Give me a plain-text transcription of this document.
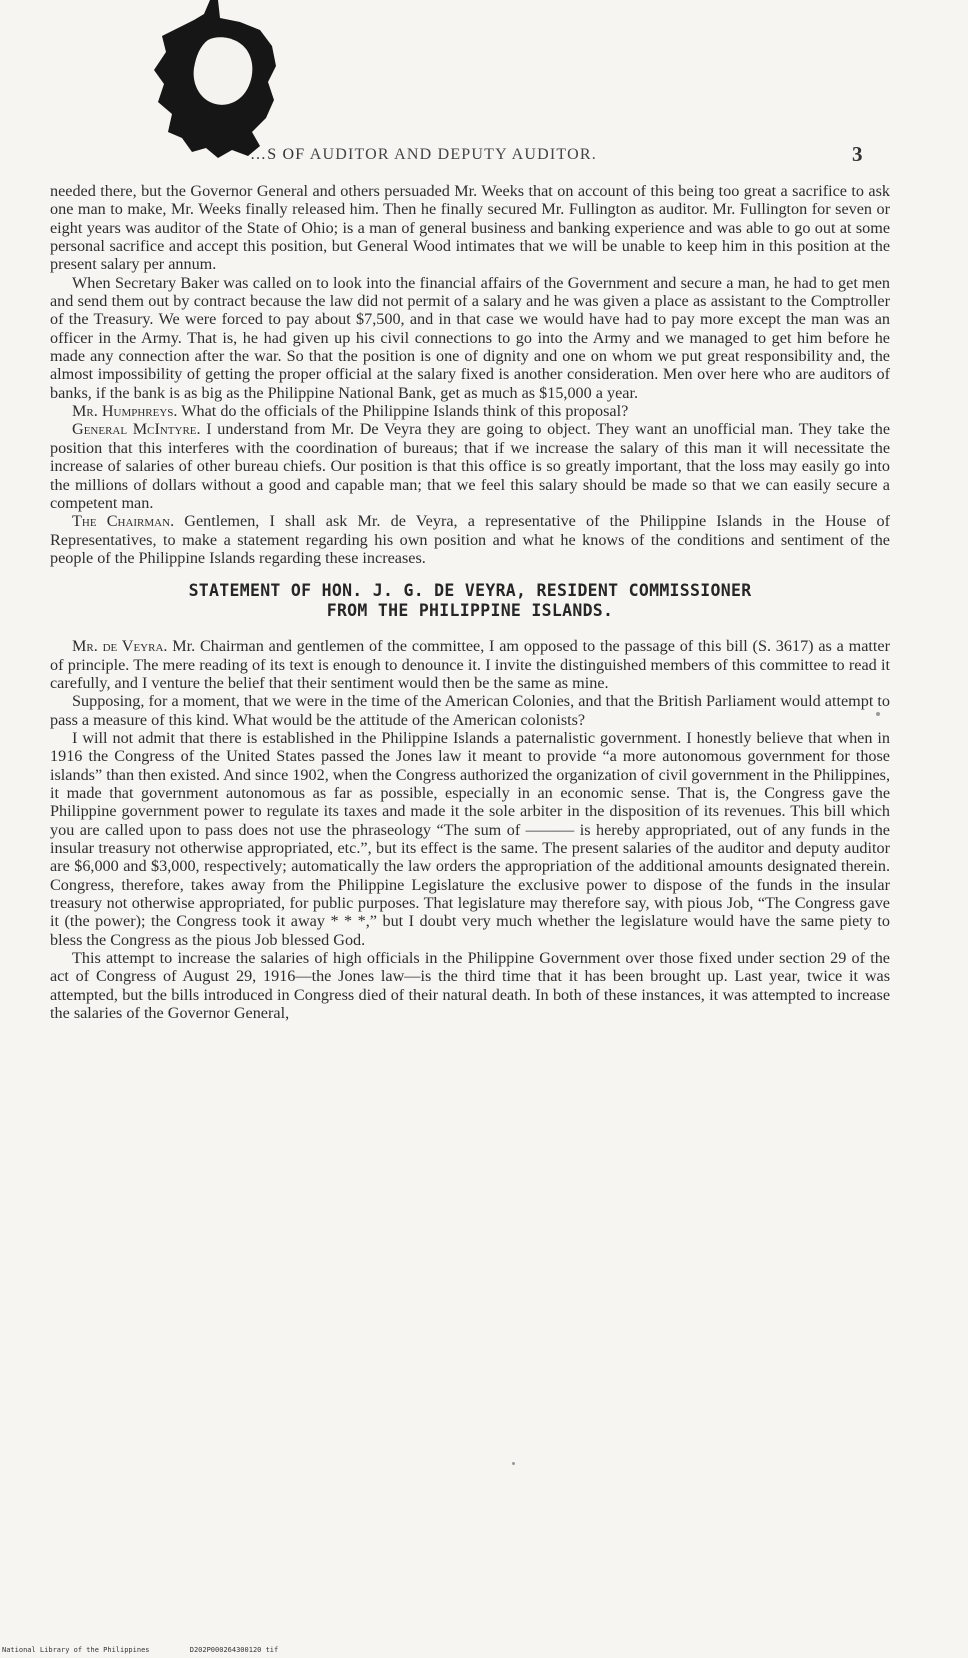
…S OF AUDITOR AND DEPUTY AUDITOR.	3

needed there, but the Governor General and others persuaded Mr. Weeks that on account of this being too great a sacrifice to ask one man to make, Mr. Weeks finally released him. Then he finally secured Mr. Fullington as auditor. Mr. Fullington for seven or eight years was auditor of the State of Ohio; is a man of general business and banking experience and was able to go out at some personal sacrifice and accept this position, but General Wood intimates that we will be unable to keep him in this position at the present salary per annum.

When Secretary Baker was called on to look into the financial affairs of the Government and secure a man, he had to get men and send them out by contract because the law did not permit of a salary and he was given a place as assistant to the Comptroller of the Treasury. We were forced to pay about $7,500, and in that case we would have had to pay more except the man was an officer in the Army. That is, he had given up his civil connections to go into the Army and we managed to get him before he made any connection after the war. So that the position is one of dignity and one on whom we put great responsibility and, the almost impossibility of getting the proper official at the salary fixed is another consideration. Men over here who are auditors of banks, if the bank is as big as the Philippine National Bank, get as much as $15,000 a year.

Mr. Humphreys. What do the officials of the Philippine Islands think of this proposal?

General McIntyre. I understand from Mr. De Veyra they are going to object. They want an unofficial man. They take the position that this interferes with the coordination of bureaus; that if we increase the salary of this man it will necessitate the increase of salaries of other bureau chiefs. Our position is that this office is so greatly important, that the loss may easily go into the millions of dollars without a good and capable man; that we feel this salary should be made so that we can easily secure a competent man.

The Chairman. Gentlemen, I shall ask Mr. de Veyra, a representative of the Philippine Islands in the House of Representatives, to make a statement regarding his own position and what he knows of the conditions and sentiment of the people of the Philippine Islands regarding these increases.

STATEMENT OF HON. J. G. DE VEYRA, RESIDENT COMMISSIONER
FROM THE PHILIPPINE ISLANDS.

Mr. de Veyra. Mr. Chairman and gentlemen of the committee, I am opposed to the passage of this bill (S. 3617) as a matter of principle. The mere reading of its text is enough to denounce it. I invite the distinguished members of this committee to read it carefully, and I venture the belief that their sentiment would then be the same as mine.

Supposing, for a moment, that we were in the time of the American Colonies, and that the British Parliament would attempt to pass a measure of this kind. What would be the attitude of the American colonists?

I will not admit that there is established in the Philippine Islands a paternalistic government. I honestly believe that when in 1916 the Congress of the United States passed the Jones law it meant to provide “a more autonomous government for those islands” than then existed. And since 1902, when the Congress authorized the organization of civil government in the Philippines, it made that government autonomous as far as possible, especially in an economic sense. That is, the Congress gave the Philippine government power to regulate its taxes and made it the sole arbiter in the disposition of its revenues. This bill which you are called upon to pass does not use the phraseology “The sum of ——— is hereby appropriated, out of any funds in the insular treasury not otherwise appropriated, etc.”, but its effect is the same. The present salaries of the auditor and deputy auditor are $6,000 and $3,000, respectively; automatically the law orders the appropriation of the additional amounts designated therein. Congress, therefore, takes away from the Philippine Legislature the exclusive power to dispose of the funds in the insular treasury not otherwise appropriated, for public purposes. That legislature may therefore say, with pious Job, “The Congress gave it (the power); the Congress took it away * * *,” but I doubt very much whether the legislature would have the same piety to bless the Congress as the pious Job blessed God.

This attempt to increase the salaries of high officials in the Philippine Government over those fixed under section 29 of the act of Congress of August 29, 1916—the Jones law—is the third time that it has been brought up. Last year, twice it was attempted, but the bills introduced in Congress died of their natural death. In both of these instances, it was attempted to increase the salaries of the Governor General,

National Library of the Philippines	D202P000264300120 tif
